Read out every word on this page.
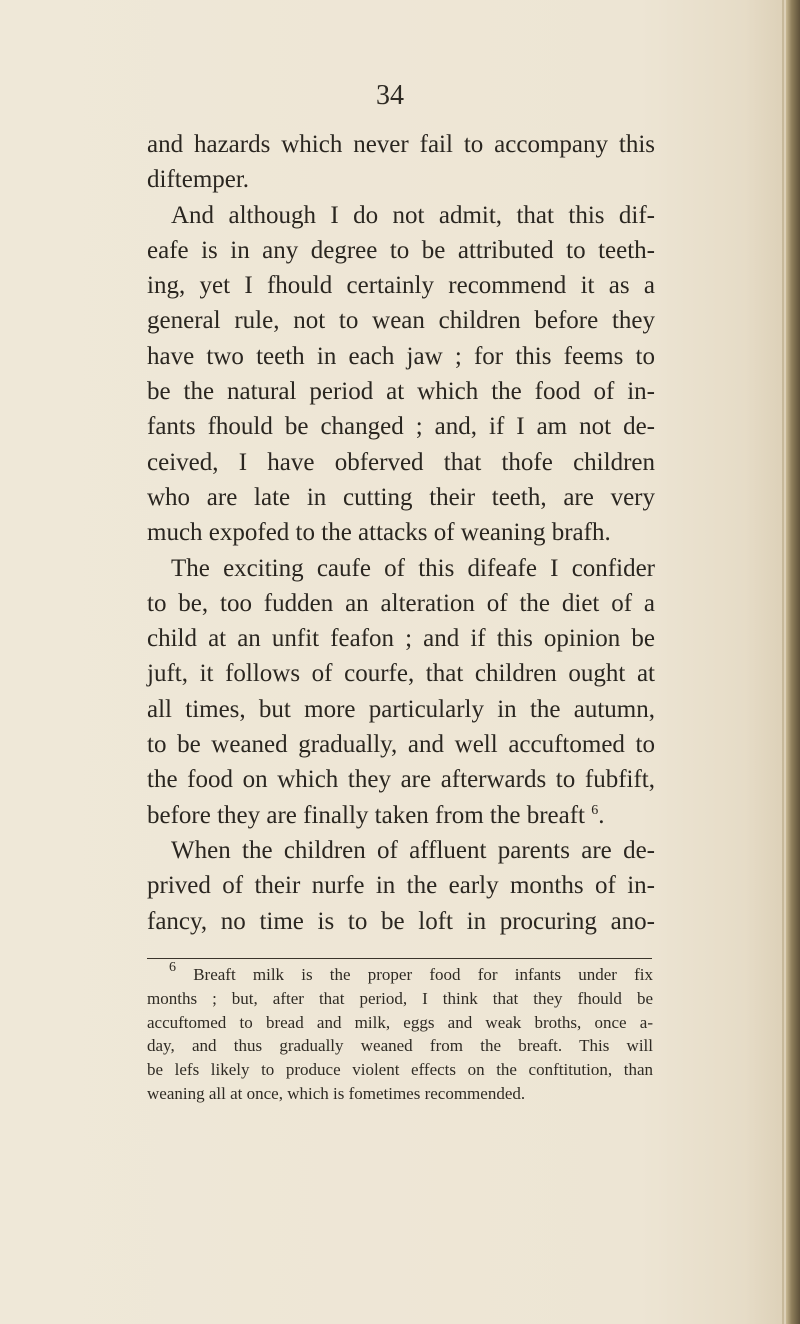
34
and hazards which never fail to accompany this
diftemper.
And although I do not admit, that this dif-
eafe is in any degree to be attributed to teeth-
ing, yet I fhould certainly recommend it as a
general rule, not to wean children before they
have two teeth in each jaw ; for this feems to
be the natural period at which the food of in-
fants fhould be changed ; and, if I am not de-
ceived, I have obferved that thofe children
who are late in cutting their teeth, are very
much expofed to the attacks of weaning brafh.
The exciting caufe of this difeafe I confider
to be, too fudden an alteration of the diet of a
child at an unfit feafon ; and if this opinion be
juft, it follows of courfe, that children ought at
all times, but more particularly in the autumn,
to be weaned gradually, and well accuftomed to
the food on which they are afterwards to fubfift,
before they are finally taken from the breaft $^6$.
When the children of affluent parents are de-
prived of their nurfe in the early months of in-
fancy, no time is to be loft in procuring ano-
$^6$ Breaft milk is the proper food for infants under fix
months ; but, after that period, I think that they fhould be
accuftomed to bread and milk, eggs and weak broths, once a-
day, and thus gradually weaned from the breaft. This will
be lefs likely to produce violent effects on the conftitution, than
weaning all at once, which is fometimes recommended.
